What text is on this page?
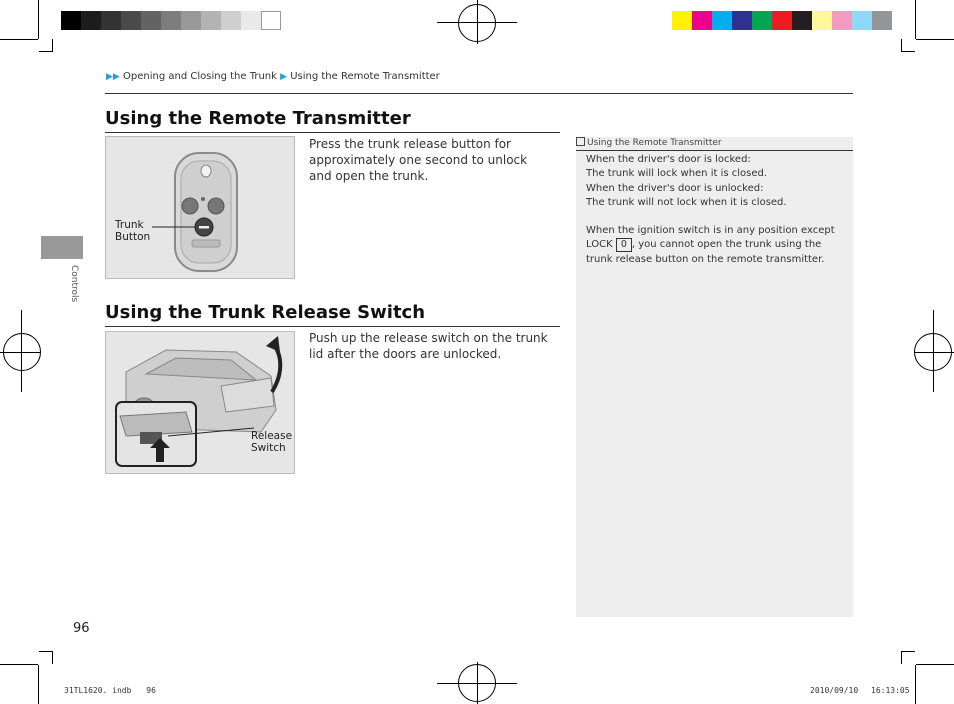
▶▶ Opening and Closing the Trunk ▶ Using the Remote Transmitter
Controls
Using the Remote Transmitter
Trunk
Button
Press the trunk release button for approximately one second to unlock and open the trunk.
Using the Trunk Release Switch
Release
Switch
Push up the release switch on the trunk lid after the doors are unlocked.
Using the Remote Transmitter
When the driver's door is locked:
The trunk will lock when it is closed.
When the driver's door is unlocked:
The trunk will not lock when it is closed.
When the ignition switch is in any position except LOCK 0 , you cannot open the trunk using the trunk release button on the remote transmitter.
96
31TL1620. indb 96	2010/09/10 16:13:05
